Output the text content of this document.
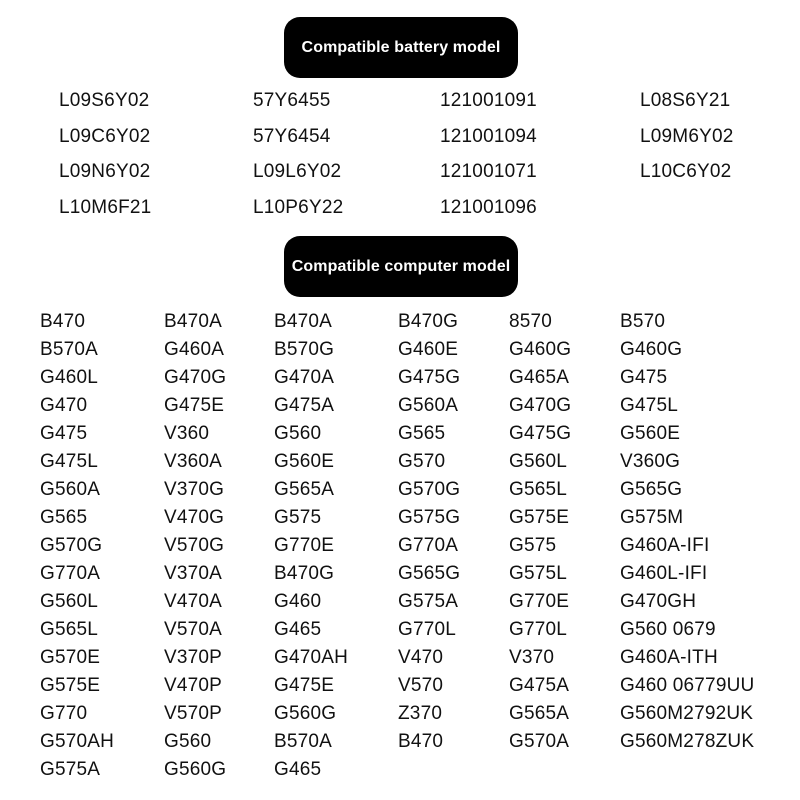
Compatible battery model
L09S6Y02
L09C6Y02
L09N6Y02
L10M6F21
57Y6455
57Y6454
L09L6Y02
L10P6Y22
121001091
121001094
121001071
121001096
L08S6Y21
L09M6Y02
L10C6Y02
Compatible computer model
B470
B570A
G460L
G470
G475
G475L
G560A
G565
G570G
G770A
G560L
G565L
G570E
G575E
G770
G570AH
G575A
B470A
G460A
G470G
G475E
V360
V360A
V370G
V470G
V570G
V370A
V470A
V570A
V370P
V470P
V570P
G560
G560G
B470A
B570G
G470A
G475A
G560
G560E
G565A
G575
G770E
B470G
G460
G465
G470AH
G475E
G560G
B570A
G465
B470G
G460E
G475G
G560A
G565
G570
G570G
G575G
G770A
G565G
G575A
G770L
V470
V570
Z370
B470
8570
G460G
G465A
G470G
G475G
G560L
G565L
G575E
G575
G575L
G770E
G770L
V370
G475A
G565A
G570A
B570
G460G
G475
G475L
G560E
V360G
G565G
G575M
G460A-IFI
G460L-IFI
G470GH
G560 0679
G460A-ITH
G460 06779UU
G560M2792UK
G560M278ZUK
